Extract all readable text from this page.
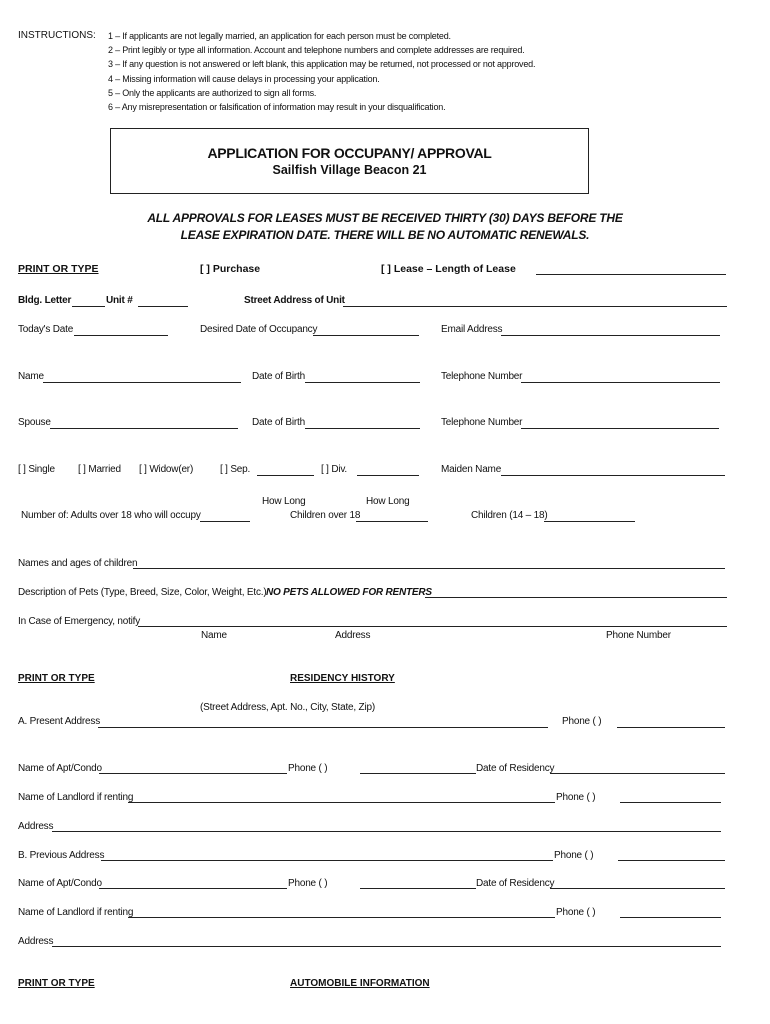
INSTRUCTIONS: 1 – If applicants are not legally married, an application for each person must be completed.
2 – Print legibly or type all information. Account and telephone numbers and complete addresses are required.
3 – If any question is not answered or left blank, this application may be returned, not processed or not approved.
4 – Missing information will cause delays in processing your application.
5 – Only the applicants are authorized to sign all forms.
6 – Any misrepresentation or falsification of information may result in your disqualification.
APPLICATION FOR OCCUPANY/ APPROVAL
Sailfish Village Beacon 21
ALL APPROVALS FOR LEASES MUST BE RECEIVED THIRTY (30) DAYS BEFORE THE
LEASE EXPIRATION DATE. THERE WILL BE NO AUTOMATIC RENEWALS.
PRINT OR TYPE	[ ] Purchase	[ ] Lease – Length of Lease
Bldg. Letter	Unit #	Street Address of Unit
Today's Date	Desired Date of Occupancy	Email Address
Name	Date of Birth	Telephone Number
Spouse	Date of Birth	Telephone Number
[ ] Single [ ] Married [ ] Widow(er)	[ ] Sep.	[ ] Div.	Maiden Name
How Long	How Long
Number of: Adults over 18 who will occupy	Children over 18	Children (14 – 18)
Names and ages of children
Description of Pets (Type, Breed, Size, Color, Weight, Etc.) NO PETS ALLOWED FOR RENTERS
In Case of Emergency, notify
Name	Address	Phone Number
PRINT OR TYPE	RESIDENCY HISTORY
(Street Address, Apt. No., City, State, Zip)
A. Present Address	Phone ( )
Name of Apt/Condo	Phone ( )	Date of Residency
Name of Landlord if renting	Phone ( )
Address
B. Previous Address	Phone ( )
Name of Apt/Condo	Phone ( )	Date of Residency
Name of Landlord if renting	Phone ( )
Address
PRINT OR TYPE	AUTOMOBILE INFORMATION
